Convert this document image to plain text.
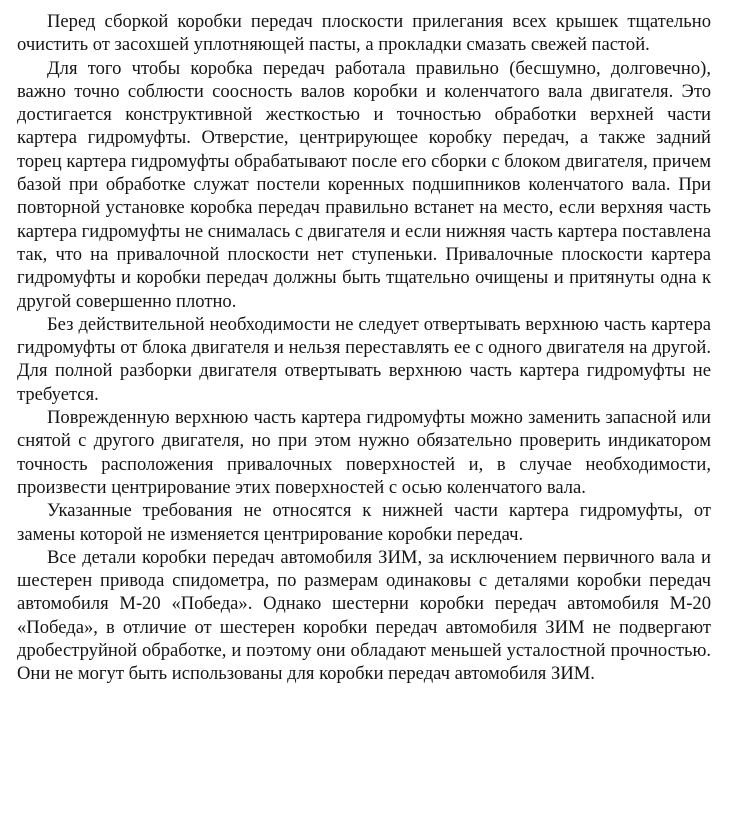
Перед сборкой коробки передач плоскости прилегания всех крышек тщательно очистить от засохшей уплотняющей пасты, а прокладки смазать свежей пастой.

Для того чтобы коробка передач работала правильно (бесшумно, долговечно), важно точно соблюсти соосность валов коробки и коленчатого вала двигателя. Это достигается конструктивной жесткостью и точностью обработки верхней части картера гидромуфты. Отверстие, центрирующее коробку передач, а также задний торец картера гидромуфты обрабатывают после его сборки с блоком двигателя, причем базой при обработке служат постели коренных подшипников коленчатого вала. При повторной установке коробка передач правильно встанет на место, если верхняя часть картера гидромуфты не снималась с двигателя и если нижняя часть картера поставлена так, что на привалочной плоскости нет ступеньки. Привалочные плоскости картера гидромуфты и коробки передач должны быть тщательно очищены и притянуты одна к другой совершенно плотно.

Без действительной необходимости не следует отвертывать верхнюю часть картера гидромуфты от блока двигателя и нельзя переставлять ее с одного двигателя на другой. Для полной разборки двигателя отвертывать верхнюю часть картера гидромуфты не требуется.

Поврежденную верхнюю часть картера гидромуфты можно заменить запасной или снятой с другого двигателя, но при этом нужно обязательно проверить индикатором точность расположения привалочных поверхностей и, в случае необходимости, произвести центрирование этих поверхностей с осью коленчатого вала.

Указанные требования не относятся к нижней части картера гидромуфты, от замены которой не изменяется центрирование коробки передач.

Все детали коробки передач автомобиля ЗИМ, за исключением первичного вала и шестерен привода спидометра, по размерам одинаковы с деталями коробки передач автомобиля М-20 «Победа». Однако шестерни коробки передач автомобиля М-20 «Победа», в отличие от шестерен коробки передач автомобиля ЗИМ не подвергают дробеструйной обработке, и поэтому они обладают меньшей усталостной прочностью. Они не могут быть использованы для коробки передач автомобиля ЗИМ.
